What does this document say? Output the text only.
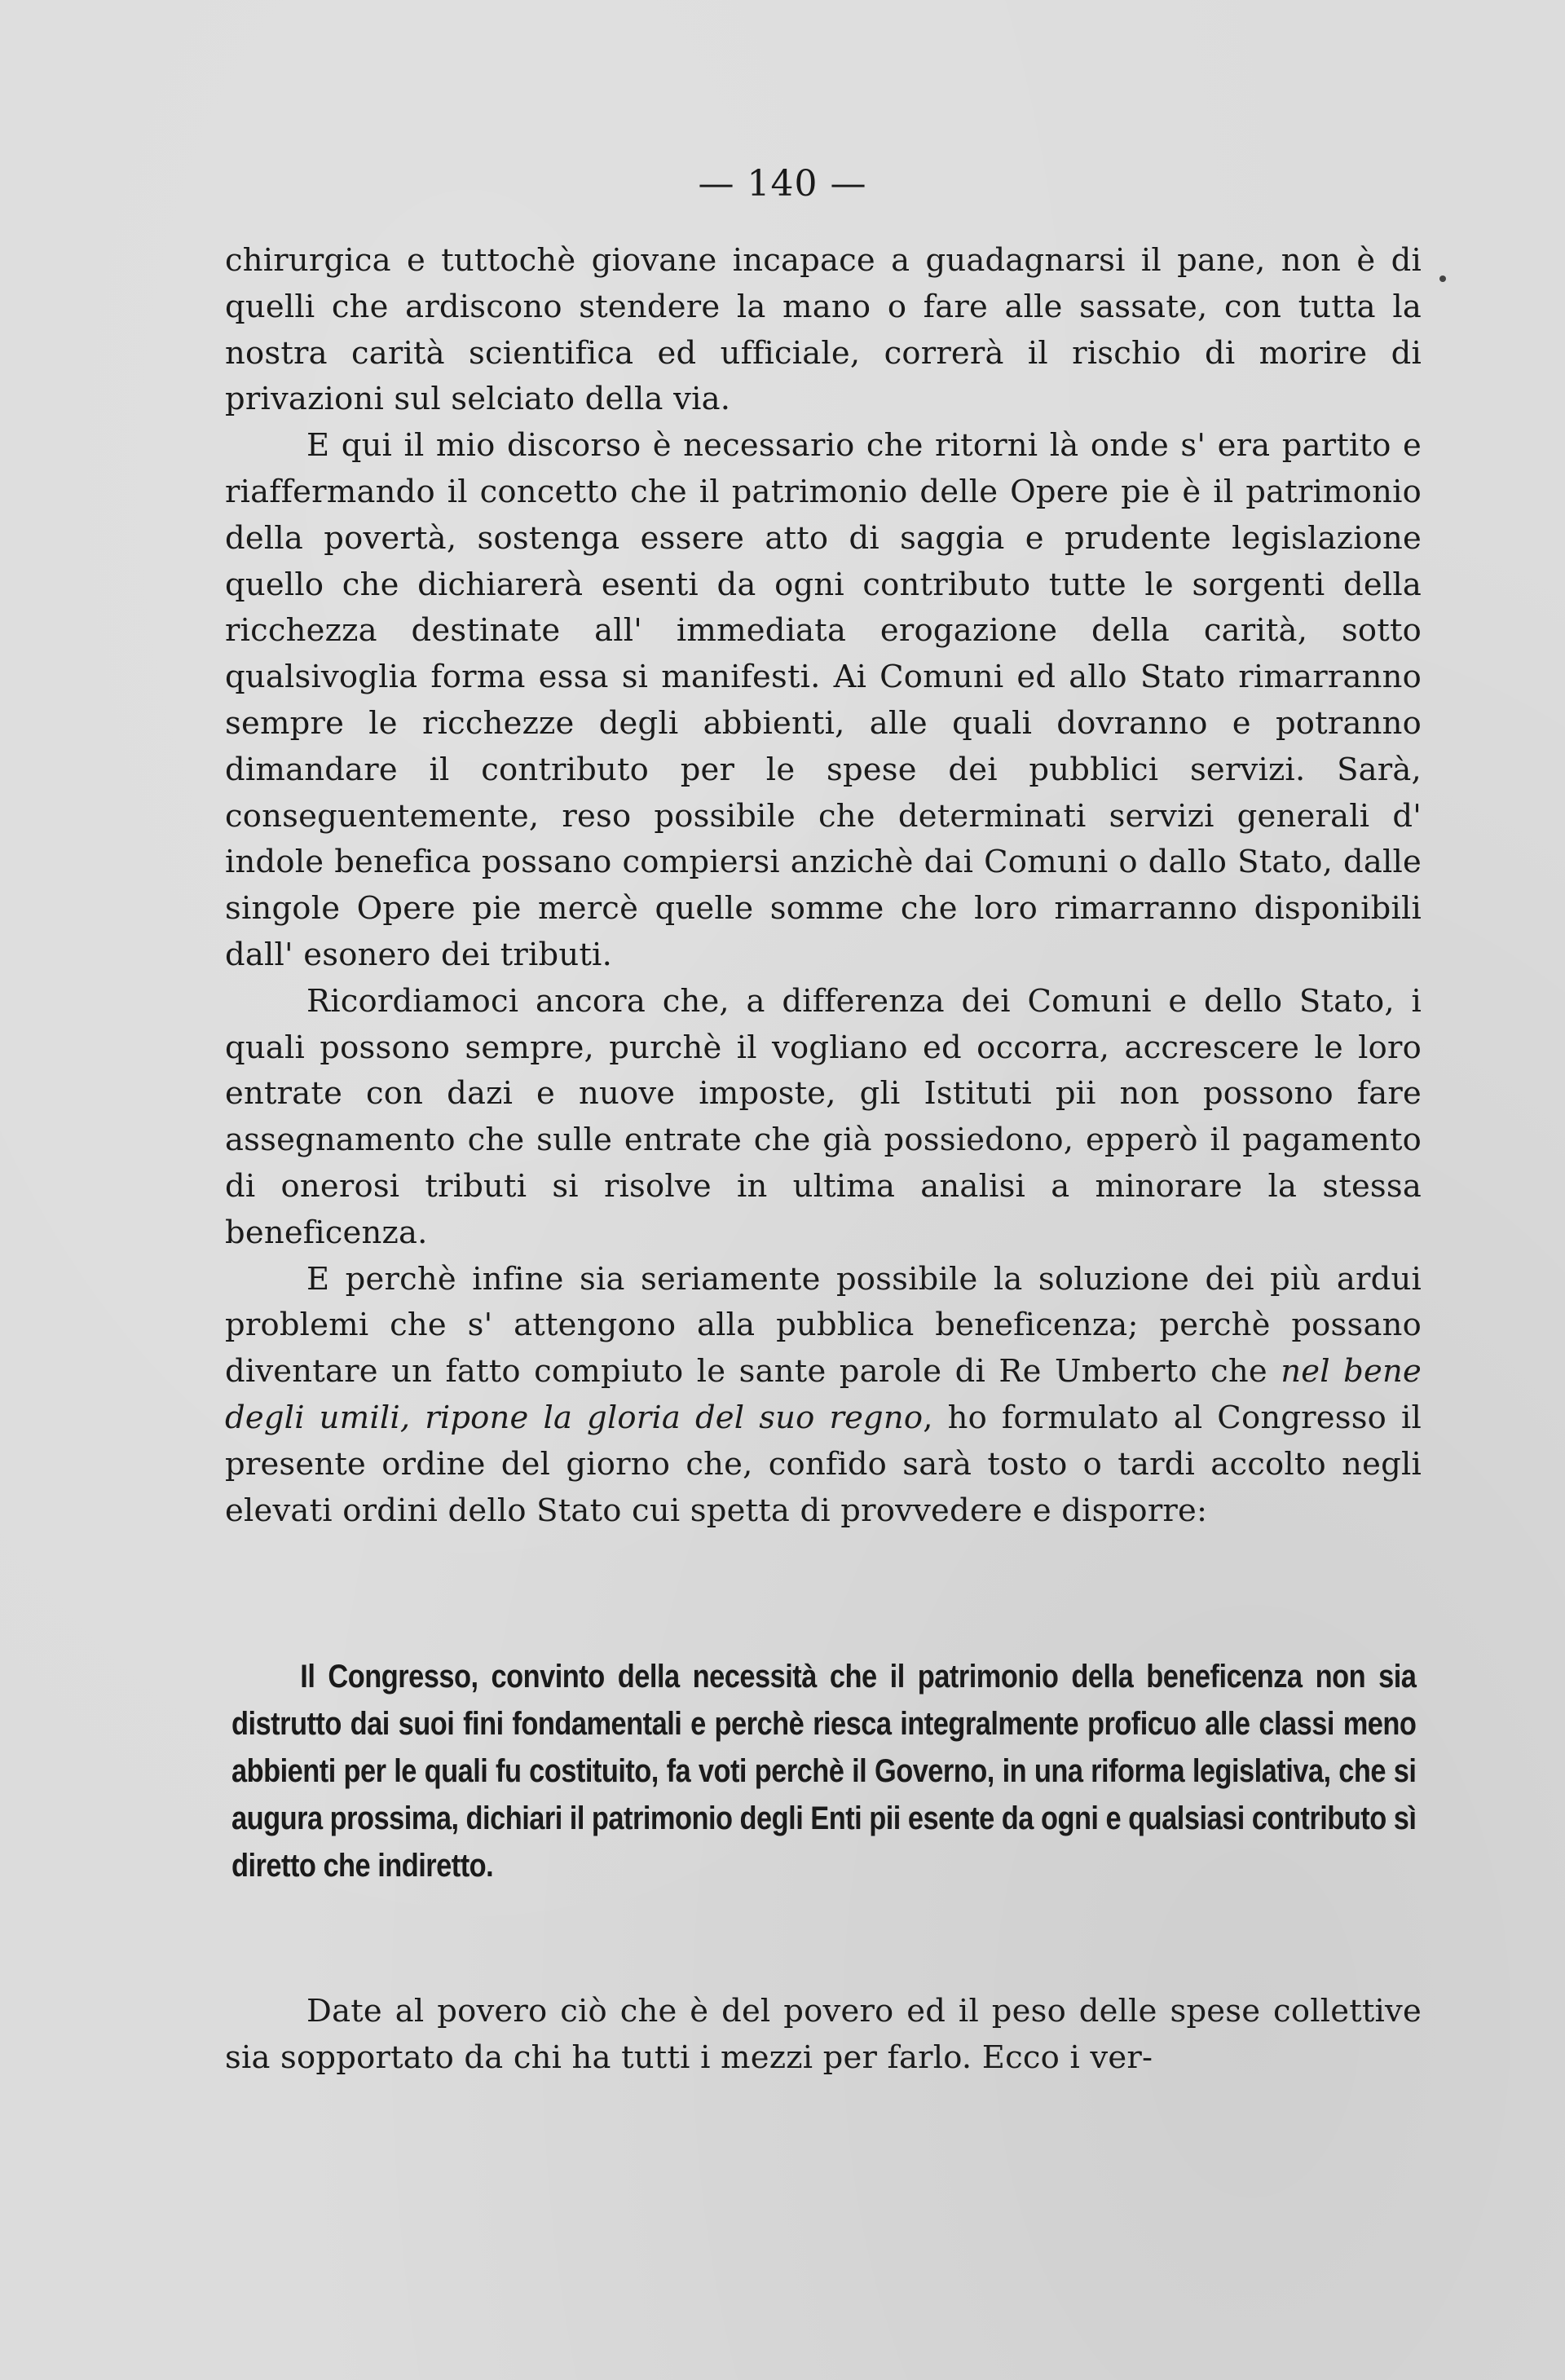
— 140 —

chirurgica e tuttochè giovane incapace a guadagnarsi il pane, non è di quelli che ardiscono stendere la mano o fare alle sassate, con tutta la nostra carità scientifica ed ufficiale, correrà il rischio di morire di privazioni sul selciato della via.

E qui il mio discorso è necessario che ritorni là onde s' era partito e riaffermando il concetto che il patrimonio delle Opere pie è il patrimonio della povertà, sostenga essere atto di saggia e prudente legislazione quello che dichiarerà esenti da ogni contributo tutte le sorgenti della ricchezza destinate all' immediata erogazione della carità, sotto qualsivoglia forma essa si manifesti. Ai Comuni ed allo Stato rimarranno sempre le ricchezze degli abbienti, alle quali dovranno e potranno dimandare il contributo per le spese dei pubblici servizi. Sarà, conseguentemente, reso possibile che determinati servizi generali d' indole benefica possano compiersi anzichè dai Comuni o dallo Stato, dalle singole Opere pie mercè quelle somme che loro rimarranno disponibili dall' esonero dei tributi.

Ricordiamoci ancora che, a differenza dei Comuni e dello Stato, i quali possono sempre, purchè il vogliano ed occorra, accrescere le loro entrate con dazi e nuove imposte, gli Istituti pii non possono fare assegnamento che sulle entrate che già possiedono, epperò il pagamento di onerosi tributi si risolve in ultima analisi a minorare la stessa beneficenza.

E perchè infine sia seriamente possibile la soluzione dei più ardui problemi che s' attengono alla pubblica beneficenza; perchè possano diventare un fatto compiuto le sante parole di Re Umberto che nel bene degli umili, ripone la gloria del suo regno, ho formulato al Congresso il presente ordine del giorno che, confido sarà tosto o tardi accolto negli elevati ordini dello Stato cui spetta di provvedere e disporre:

Il Congresso, convinto della necessità che il patrimonio della beneficenza non sia distrutto dai suoi fini fondamentali e perchè riesca integralmente proficuo alle classi meno abbienti per le quali fu costituito, fa voti perchè il Governo, in una riforma legislativa, che si augura prossima, dichiari il patrimonio degli Enti pii esente da ogni e qualsiasi contributo sì diretto che indiretto.
Date al povero ciò che è del povero ed il peso delle spese collettive sia sopportato da chi ha tutti i mezzi per farlo. Ecco i ver-
